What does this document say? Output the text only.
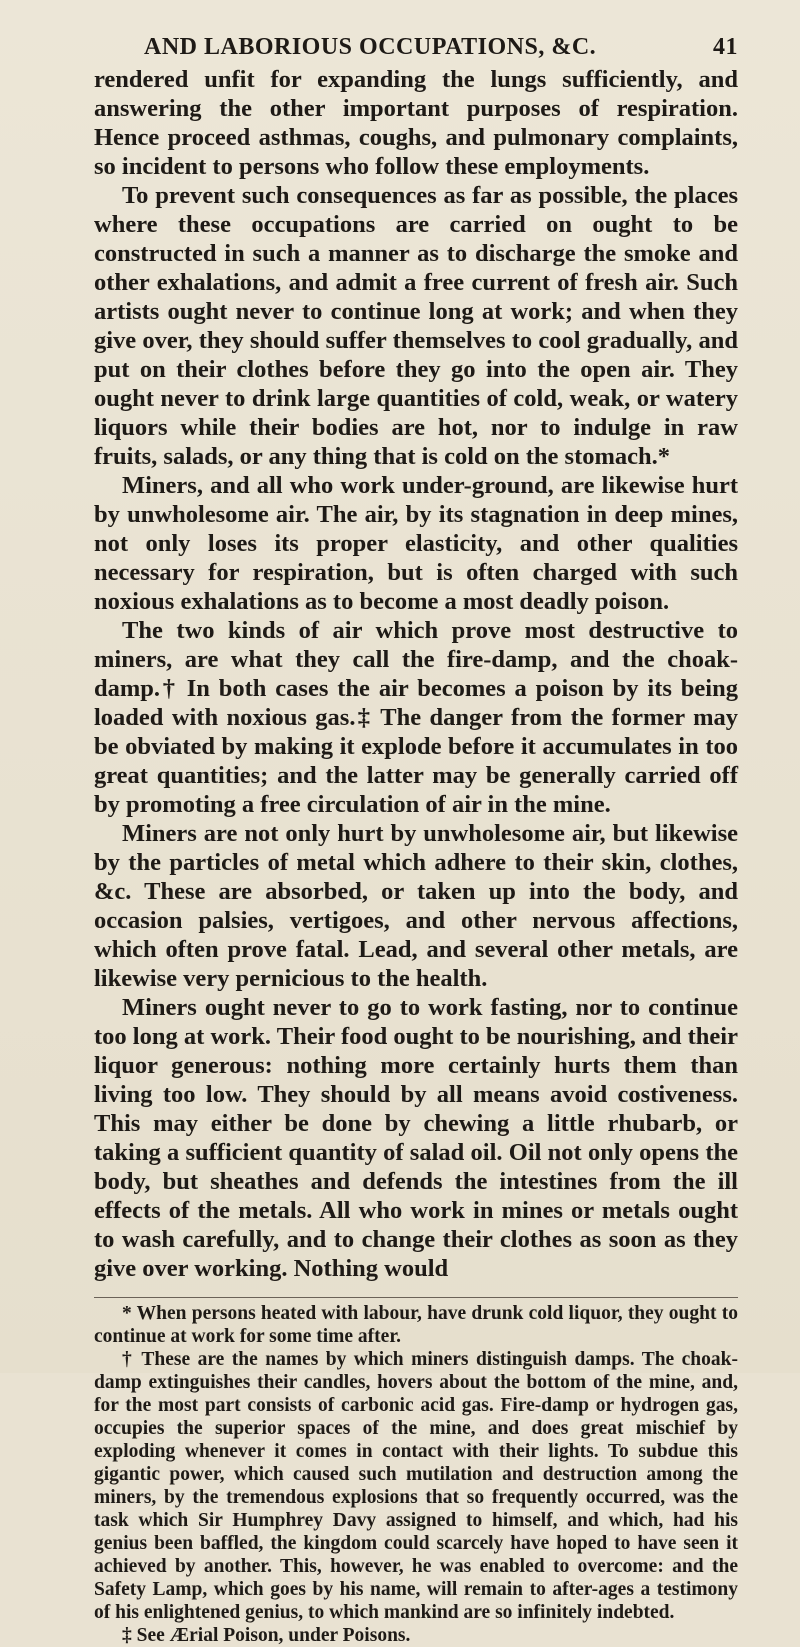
AND LABORIOUS OCCUPATIONS, &C.	41

rendered unfit for expanding the lungs sufficiently, and answering the other important purposes of respiration. Hence proceed asthmas, coughs, and pulmonary complaints, so incident to persons who follow these employments.

To prevent such consequences as far as possible, the places where these occupations are carried on ought to be constructed in such a manner as to discharge the smoke and other exhalations, and admit a free current of fresh air. Such artists ought never to continue long at work; and when they give over, they should suffer themselves to cool gradually, and put on their clothes before they go into the open air. They ought never to drink large quantities of cold, weak, or watery liquors while their bodies are hot, nor to indulge in raw fruits, salads, or any thing that is cold on the stomach.*

Miners, and all who work under-ground, are likewise hurt by unwholesome air. The air, by its stagnation in deep mines, not only loses its proper elasticity, and other qualities necessary for respiration, but is often charged with such noxious exhalations as to become a most deadly poison.

The two kinds of air which prove most destructive to miners, are what they call the fire-damp, and the choak-damp.† In both cases the air becomes a poison by its being loaded with noxious gas.‡ The danger from the former may be obviated by making it explode before it accumulates in too great quantities; and the latter may be generally carried off by promoting a free circulation of air in the mine.

Miners are not only hurt by unwholesome air, but likewise by the particles of metal which adhere to their skin, clothes, &c. These are absorbed, or taken up into the body, and occasion palsies, vertigoes, and other nervous affections, which often prove fatal. Lead, and several other metals, are likewise very pernicious to the health.

Miners ought never to go to work fasting, nor to continue too long at work. Their food ought to be nourishing, and their liquor generous: nothing more certainly hurts them than living too low. They should by all means avoid costiveness. This may either be done by chewing a little rhubarb, or taking a sufficient quantity of salad oil. Oil not only opens the body, but sheathes and defends the intestines from the ill effects of the metals. All who work in mines or metals ought to wash carefully, and to change their clothes as soon as they give over working. Nothing would

* When persons heated with labour, have drunk cold liquor, they ought to continue at work for some time after.

† These are the names by which miners distinguish damps. The choak-damp extinguishes their candles, hovers about the bottom of the mine, and, for the most part consists of carbonic acid gas. Fire-damp or hydrogen gas, occupies the superior spaces of the mine, and does great mischief by exploding whenever it comes in contact with their lights. To subdue this gigantic power, which caused such mutilation and destruction among the miners, by the tremendous explosions that so frequently occurred, was the task which Sir Humphrey Davy assigned to himself, and which, had his genius been baffled, the kingdom could scarcely have hoped to have seen it achieved by another. This, however, he was enabled to overcome: and the Safety Lamp, which goes by his name, will remain to after-ages a testimony of his enlightened genius, to which mankind are so infinitely indebted.

‡ See Ærial Poison, under Poisons.
